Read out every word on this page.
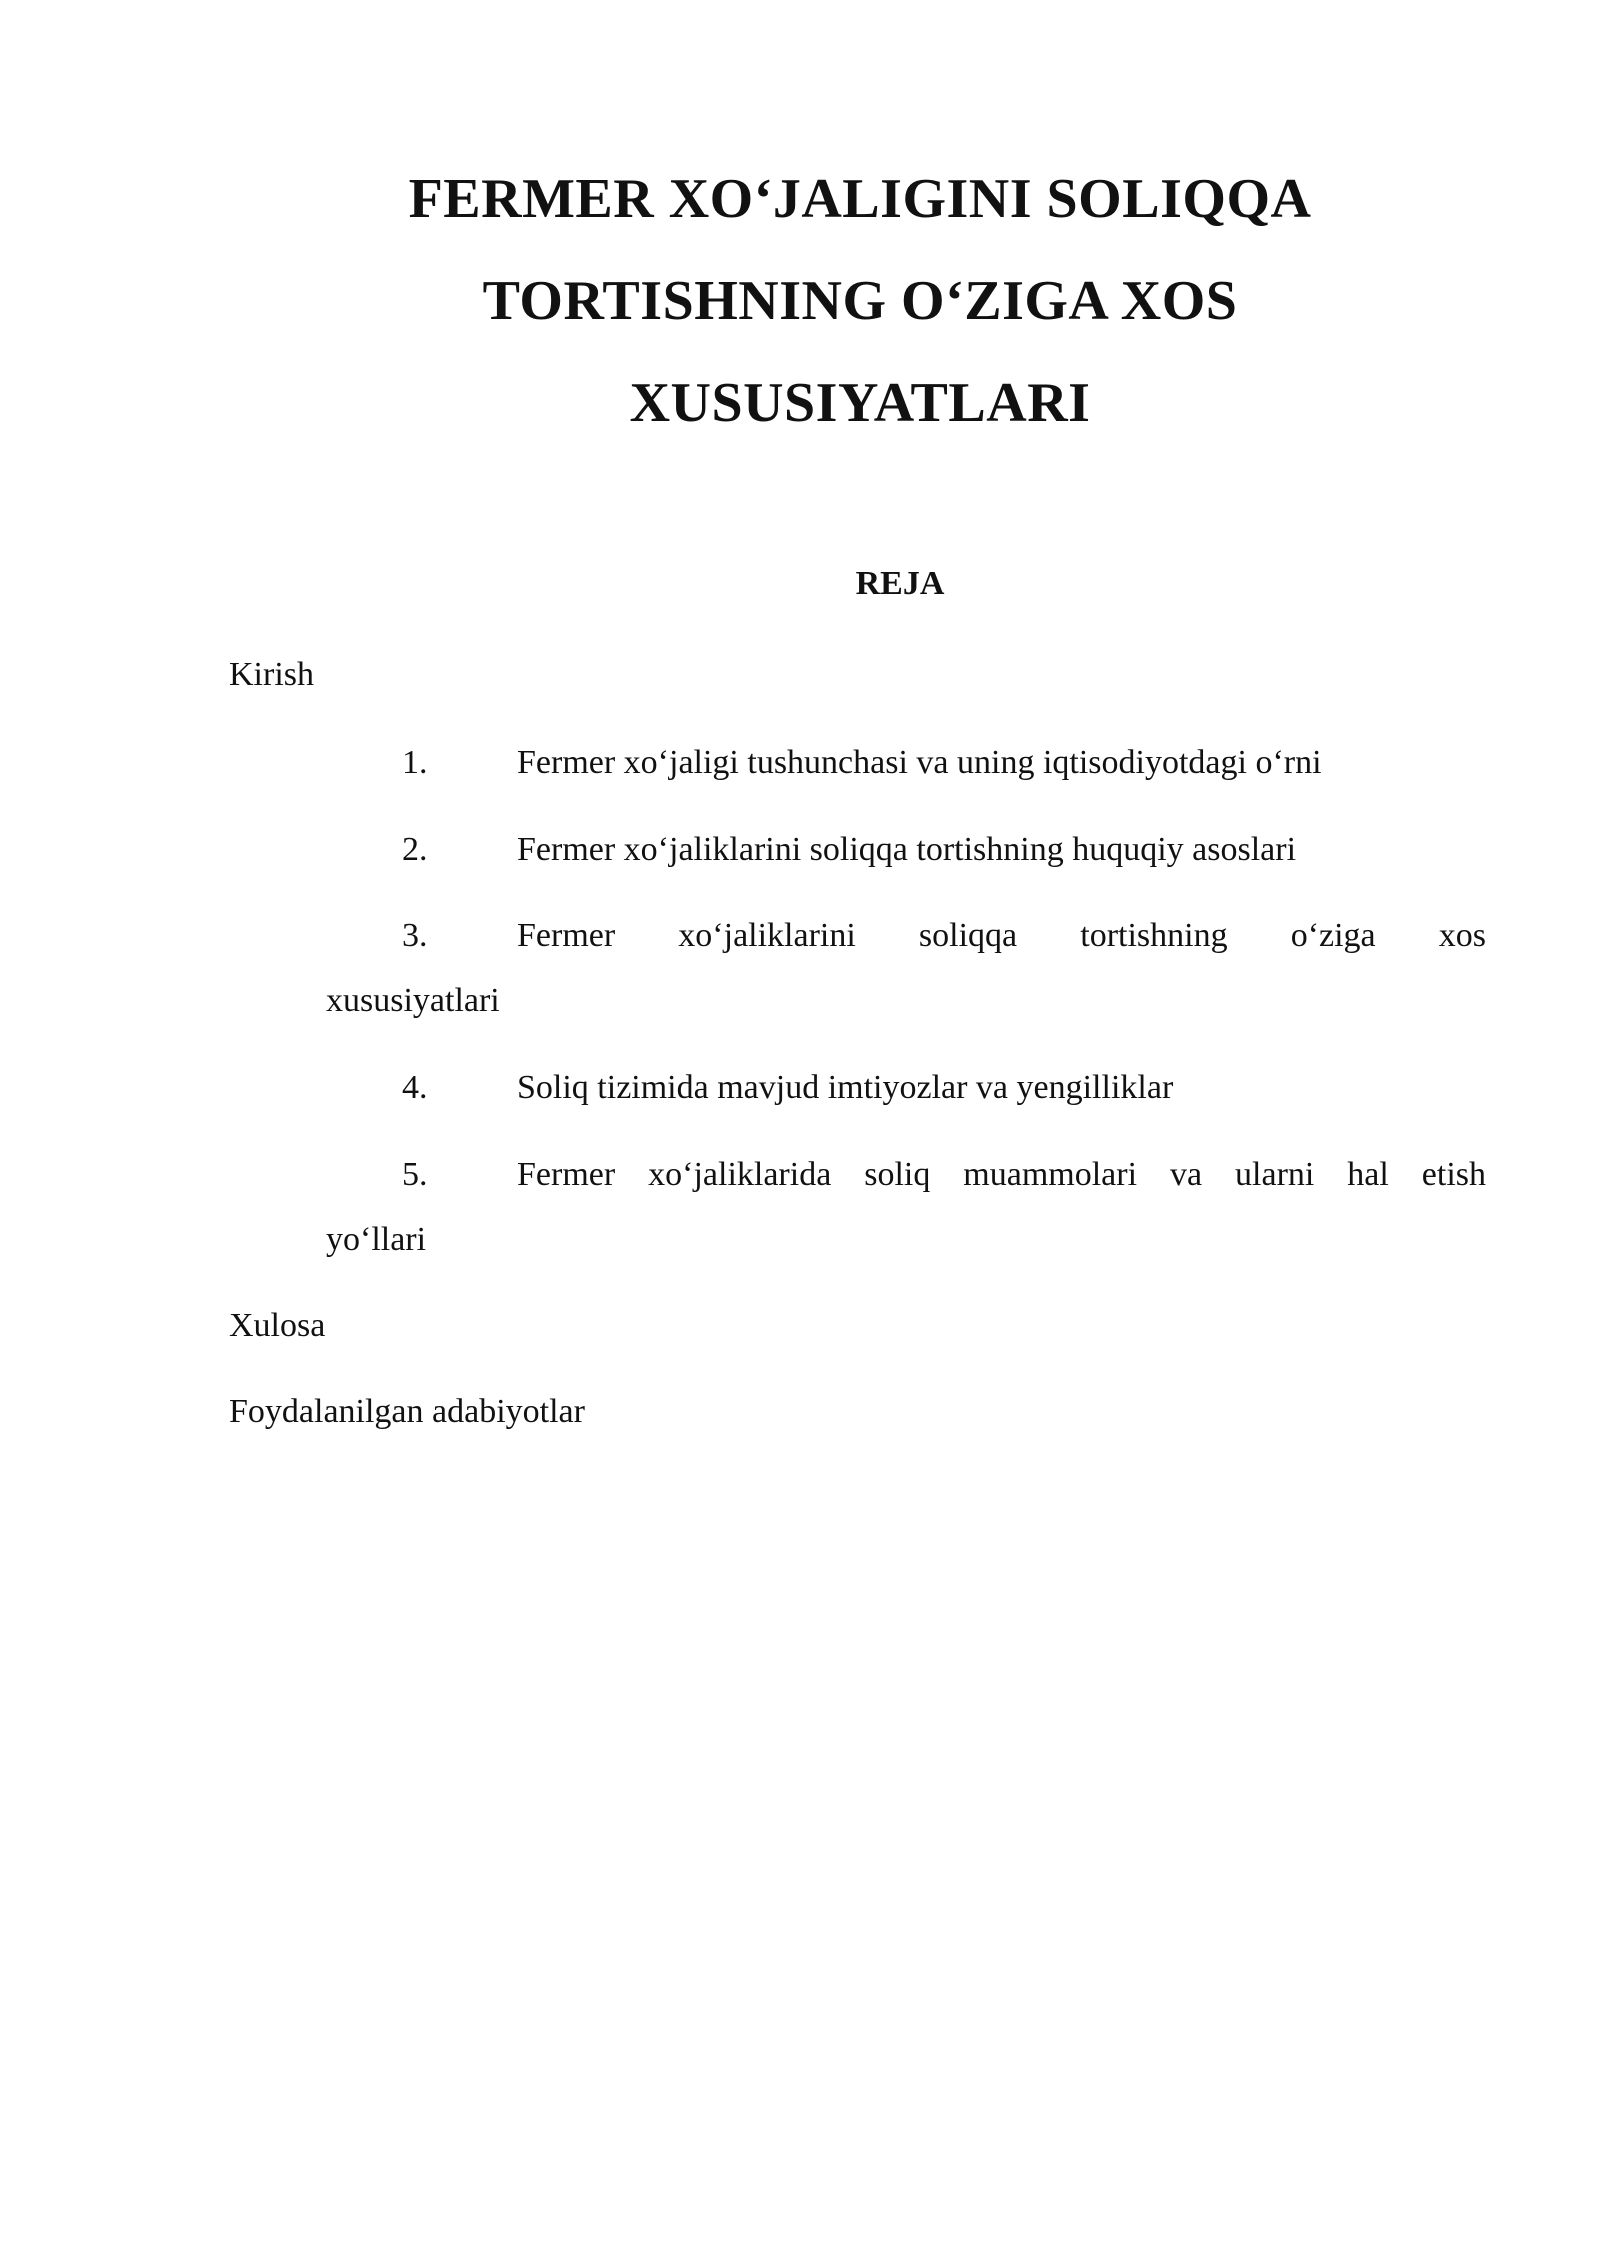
FERMER XO‘JALIGINI SOLIQQA
TORTISHNING O‘ZIGA XOS
XUSUSIYATLARI

REJA

Kirish

1.	Fermer xo‘jaligi tushunchasi va uning iqtisodiyotdagi o‘rni
2.	Fermer xo‘jaliklarini soliqqa tortishning huquqiy asoslari
3.	Fermer xo‘jaliklarini soliqqa tortishning o‘ziga xos
xususiyatlari
4.	Soliq tizimida mavjud imtiyozlar va yengilliklar
5.	Fermer xo‘jaliklarida soliq muammolari va ularni hal etish
yo‘llari

Xulosa

Foydalanilgan adabiyotlar
